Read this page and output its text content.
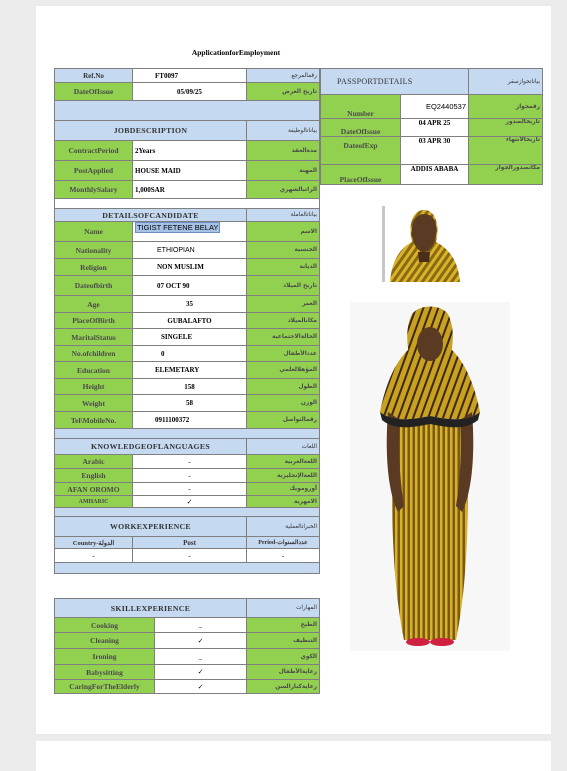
ApplicationforEmployment
Ref.No	FT0097	رقمالمرجع
DateOfIssue	05/09/25	تاريخ العرض

JOBDESCRIPTION		بياناتالوظيفة
ContractPeriod	2Years	مدةالعقد
PostApplied	HOUSE MAID	المهنة
MonthlySalary	1,000SAR	الراتبالشهري

DETAILSOFCANDIDATE		بياناتالعاملة
Name	TIGIST FETENE BELAY	الاسم
Nationality	ETHIOPIAN	الجنسية
Religion	NON MUSLIM	الديانة
Dateofbirth	07 OCT 90	تاريخ الميلاد
Age	35	العمر
PlaceOfBirth	GUBALAFTO	مكانالميلاد
MaritalStatus	SINGELE	الحالةالاجتماعية
No.ofchildren	0	عددالأطفال
Education	ELEMETARY	المؤهلالعلمي
Height	158	الطول
Weight	58	الوزن
Tel\MobileNo.	0911100372	رقمالتواصل

KNOWLEDGEOFLANGUAGES		اللغات
Arabic	-	اللغةالعربية
English	-	اللغةالإنجليزية
AFAN OROMO	-	أوروموبك
AMHARIC	✓	الامهرية

WORKEXPERIENCE		الخبراتالعملية
Country-الدولة	Post	Period-عددالسنوات
-	-	-

SKILLEXPERIENCE		المهارات
Cooking	_	الطبخ
Cleaning	✓	التنظيف
Ironing	_	الكوي
Babysitting	✓	رعايةالأطفال
CaringForTheElderly	✓	رعايةكبارالسن
PASSPORTDETAILS		بياناتجوازسفر
Number	EQ2440537	رقمجواز
DateOfIssue	04 APR 25	تاريخالصدور
DateofExp	03 APR 30	تاريخالانتهاء
PlaceOfIssue	ADDIS ABABA	مكانصدورالجواز
